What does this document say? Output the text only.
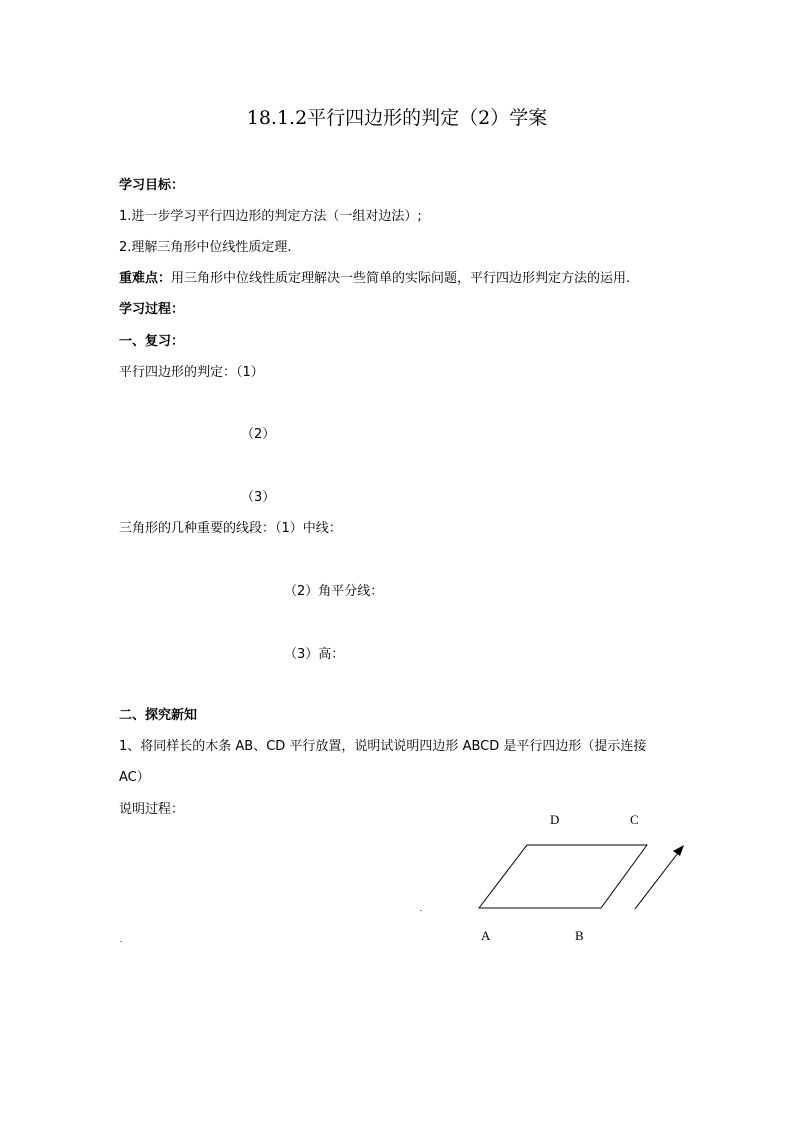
18.1.2平行四边形的判定（2）学案
学习目标：
1.进一步学习平行四边形的判定方法（一组对边法）;
2.理解三角形中位线性质定理.
重难点：用三角形中位线性质定理解决一些简单的实际问题，平行四边形判定方法的运用.
学习过程：
一、复习：
平行四边形的判定：（1）
（2）
（3）
三角形的几种重要的线段：（1）中线：
（2）角平分线：
（3）高：
二、探究新知
1、将同样长的木条 AB、CD 平行放置，说明试说明四边形 ABCD 是平行四边形（提示连接
AC）
说明过程：
D	C
A	B
